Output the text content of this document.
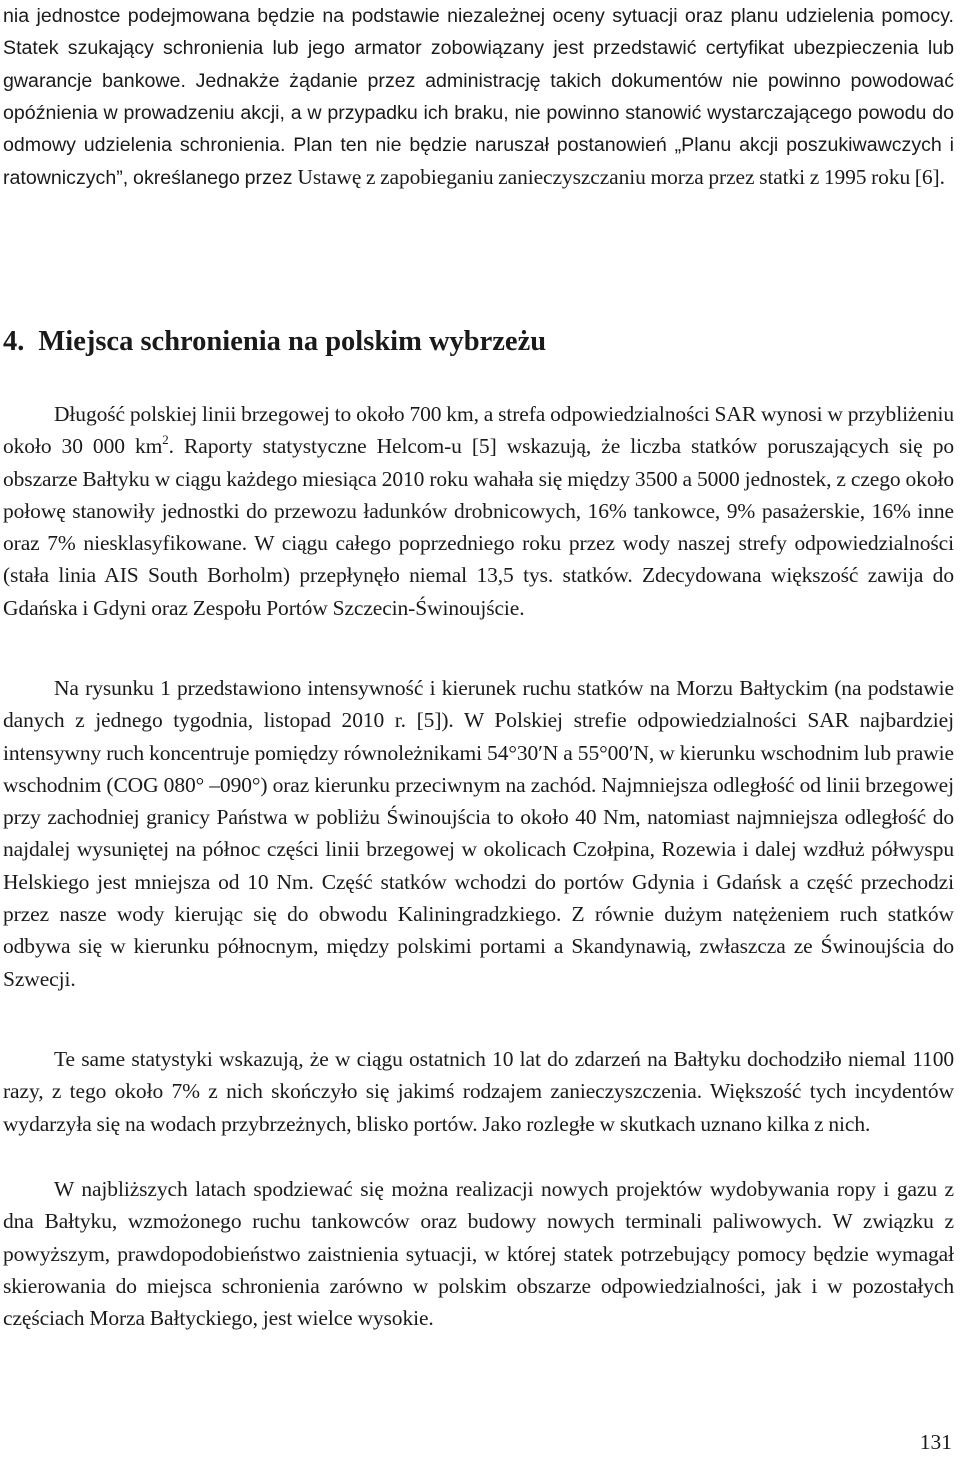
nia jednostce podejmowana będzie na podstawie niezależnej oceny sytuacji oraz planu udzielenia pomocy. Statek szukający schronienia lub jego armator zobowiązany jest przedstawić certyfikat ubezpieczenia lub gwarancje bankowe. Jednakże żądanie przez administrację takich dokumentów nie powinno powodować opóźnienia w prowadzeniu akcji, a w przypadku ich braku, nie powinno stanowić wystarczającego powodu do odmowy udzielenia schronienia. Plan ten nie będzie naruszał postanowień „Planu akcji poszukiwawczych i ratowniczych”, określanego przez Ustawę z zapobieganiu zanieczyszczaniu morza przez statki z 1995 roku [6].

4. Miejsca schronienia na polskim wybrzeżu

Długość polskiej linii brzegowej to około 700 km, a strefa odpowiedzialności SAR wynosi w przybliżeniu około 30 000 $km^2$. Raporty statystyczne Helcom-u [5] wskazują, że liczba statków poruszających się po obszarze Bałtyku w ciągu każdego miesiąca 2010 roku wahała się między 3500 a 5000 jednostek, z czego około połowę stanowiły jednostki do przewozu ładunków drobnicowych, 16% tankowce, 9% pasażerskie, 16% inne oraz 7% niesklasyfikowane. W ciągu całego poprzedniego roku przez wody naszej strefy odpowiedzialności (stała linia AIS South Borholm) przepłynęło niemal 13,5 tys. statków. Zdecydowana większość zawija do Gdańska i Gdyni oraz Zespołu Portów Szczecin-Świnoujście.

Na rysunku 1 przedstawiono intensywność i kierunek ruchu statków na Morzu Bałtyckim (na podstawie danych z jednego tygodnia, listopad 2010 r. [5]). W Polskiej strefie odpowiedzialności SAR najbardziej intensywny ruch koncentruje pomiędzy równoleżnikami 54°30′N a 55°00′N, w kierunku wschodnim lub prawie wschodnim (COG 080° –090°) oraz kierunku przeciwnym na zachód. Najmniejsza odległość od linii brzegowej przy zachodniej granicy Państwa w pobliżu Świnoujścia to około 40 Nm, natomiast najmniejsza odległość do najdalej wysuniętej na północ części linii brzegowej w okolicach Czołpina, Rozewia i dalej wzdłuż półwyspu Helskiego jest mniejsza od 10 Nm. Część statków wchodzi do portów Gdynia i Gdańsk a część przechodzi przez nasze wody kierując się do obwodu Kaliningradzkiego. Z równie dużym natężeniem ruch statków odbywa się w kierunku północnym, między polskimi portami a Skandynawią, zwłaszcza ze Świnoujścia do Szwecji.

Te same statystyki wskazują, że w ciągu ostatnich 10 lat do zdarzeń na Bałtyku dochodziło niemal 1100 razy, z tego około 7% z nich skończyło się jakimś rodzajem zanieczyszczenia. Większość tych incydentów wydarzyła się na wodach przybrzeżnych, blisko portów. Jako rozległe w skutkach uznano kilka z nich.

W najbliższych latach spodziewać się można realizacji nowych projektów wydobywania ropy i gazu z dna Bałtyku, wzmożonego ruchu tankowców oraz budowy nowych terminali paliwowych. W związku z powyższym, prawdopodobieństwo zaistnienia sytuacji, w której statek potrzebujący pomocy będzie wymagał skierowania do miejsca schronienia zarówno w polskim obszarze odpowiedzialności, jak i w pozostałych częściach Morza Bałtyckiego, jest wielce wysokie.

131
